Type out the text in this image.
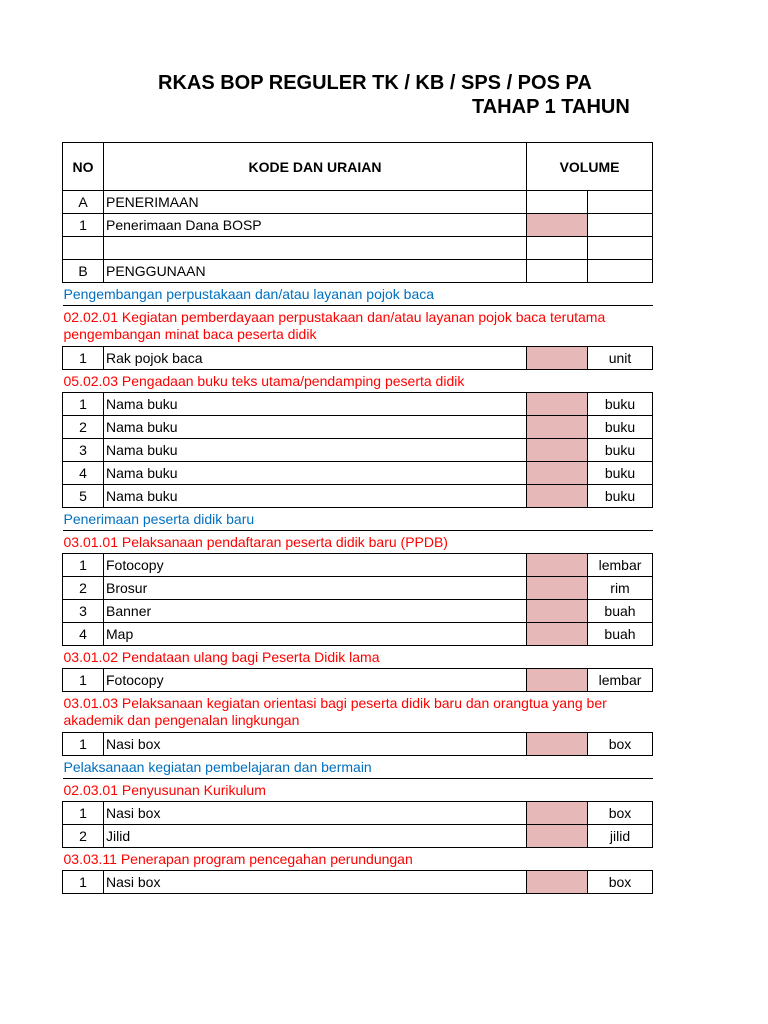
RKAS BOP REGULER TK / KB / SPS / POS PA
TAHAP 1 TAHUN
NO	KODE DAN URAIAN	VOLUME	
A	PENERIMAAN		
1	Penerimaan Dana BOSP		

B	PENGGUNAAN		
Pengembangan perpustakaan dan/atau layanan pojok baca			

02.02.01 Kegiatan pemberdayaan perpustakaan dan/atau layanan pojok baca terutama
pengembangan minat baca peserta didik			

1	Rak pojok baca		unit
05.02.03 Pengadaan buku teks utama/pendamping peserta didik			
1	Nama buku		buku
2	Nama buku		buku
3	Nama buku		buku
4	Nama buku		buku
5	Nama buku		buku
Penerimaan peserta didik baru			
03.01.01 Pelaksanaan pendaftaran peserta didik baru (PPDB)			
1	Fotocopy		lembar
2	Brosur		rim
3	Banner		buah
4	Map		buah
03.01.02 Pendataan ulang bagi Peserta Didik lama			
1	Fotocopy		lembar

03.01.03 Pelaksanaan kegiatan orientasi bagi peserta didik baru dan orangtua yang ber
akademik dan pengenalan lingkungan			

1	Nasi box		box
Pelaksanaan kegiatan pembelajaran dan bermain			
02.03.01 Penyusunan Kurikulum			
1	Nasi box		box
2	Jilid		jilid
03.03.11 Penerapan program pencegahan perundungan			
1	Nasi box		box
